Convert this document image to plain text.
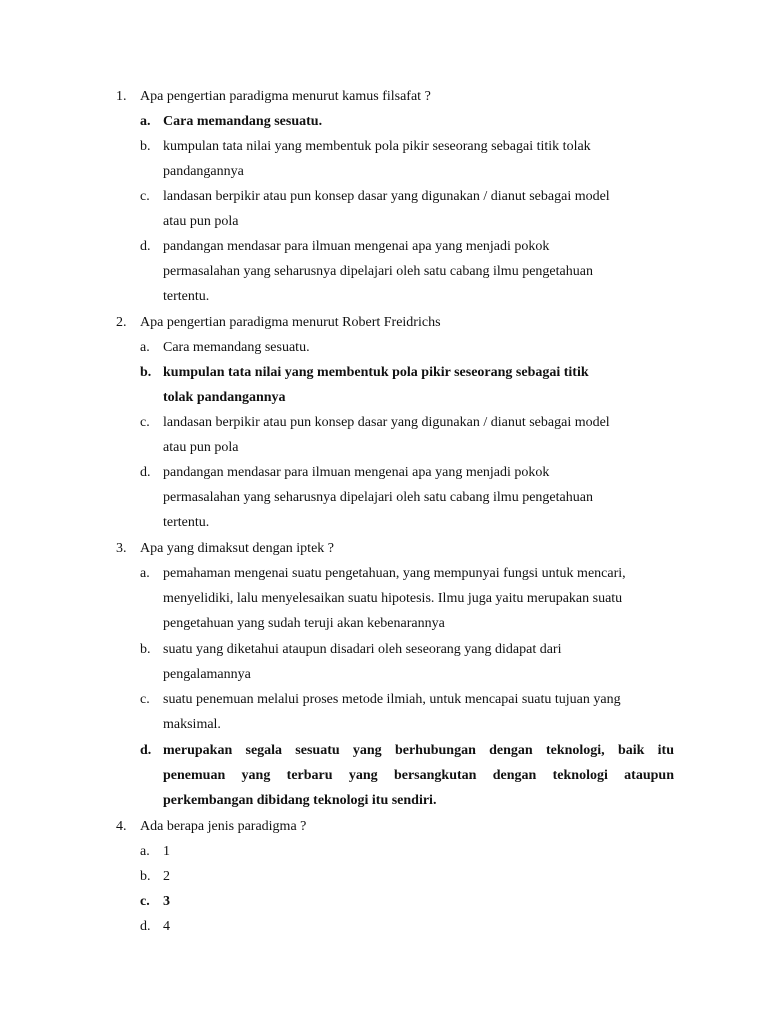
1. Apa pengertian paradigma menurut kamus filsafat ?
a. Cara memandang sesuatu.
b. kumpulan tata nilai yang membentuk pola pikir seseorang sebagai titik tolak
pandangannya
c. landasan berpikir atau pun konsep dasar yang digunakan / dianut sebagai model
atau pun pola
d. pandangan mendasar para ilmuan mengenai apa yang menjadi pokok
permasalahan yang seharusnya dipelajari oleh satu cabang ilmu pengetahuan
tertentu.
2. Apa pengertian paradigma menurut Robert Freidrichs
a. Cara memandang sesuatu.
b. kumpulan tata nilai yang membentuk pola pikir seseorang sebagai titik
tolak pandangannya
c. landasan berpikir atau pun konsep dasar yang digunakan / dianut sebagai model
atau pun pola
d. pandangan mendasar para ilmuan mengenai apa yang menjadi pokok
permasalahan yang seharusnya dipelajari oleh satu cabang ilmu pengetahuan
tertentu.
3. Apa yang dimaksut dengan iptek ?
a. pemahaman mengenai suatu pengetahuan, yang mempunyai fungsi untuk mencari,
menyelidiki, lalu menyelesaikan suatu hipotesis. Ilmu juga yaitu merupakan suatu
pengetahuan yang sudah teruji akan kebenarannya
b. suatu yang diketahui ataupun disadari oleh seseorang yang didapat dari
pengalamannya
c. suatu penemuan melalui proses metode ilmiah, untuk mencapai suatu tujuan yang
maksimal.
d. merupakan segala sesuatu yang berhubungan dengan teknologi, baik itu
penemuan yang terbaru yang bersangkutan dengan teknologi ataupun
perkembangan dibidang teknologi itu sendiri.
4. Ada berapa jenis paradigma ?
a. 1
b. 2
c. 3
d. 4
